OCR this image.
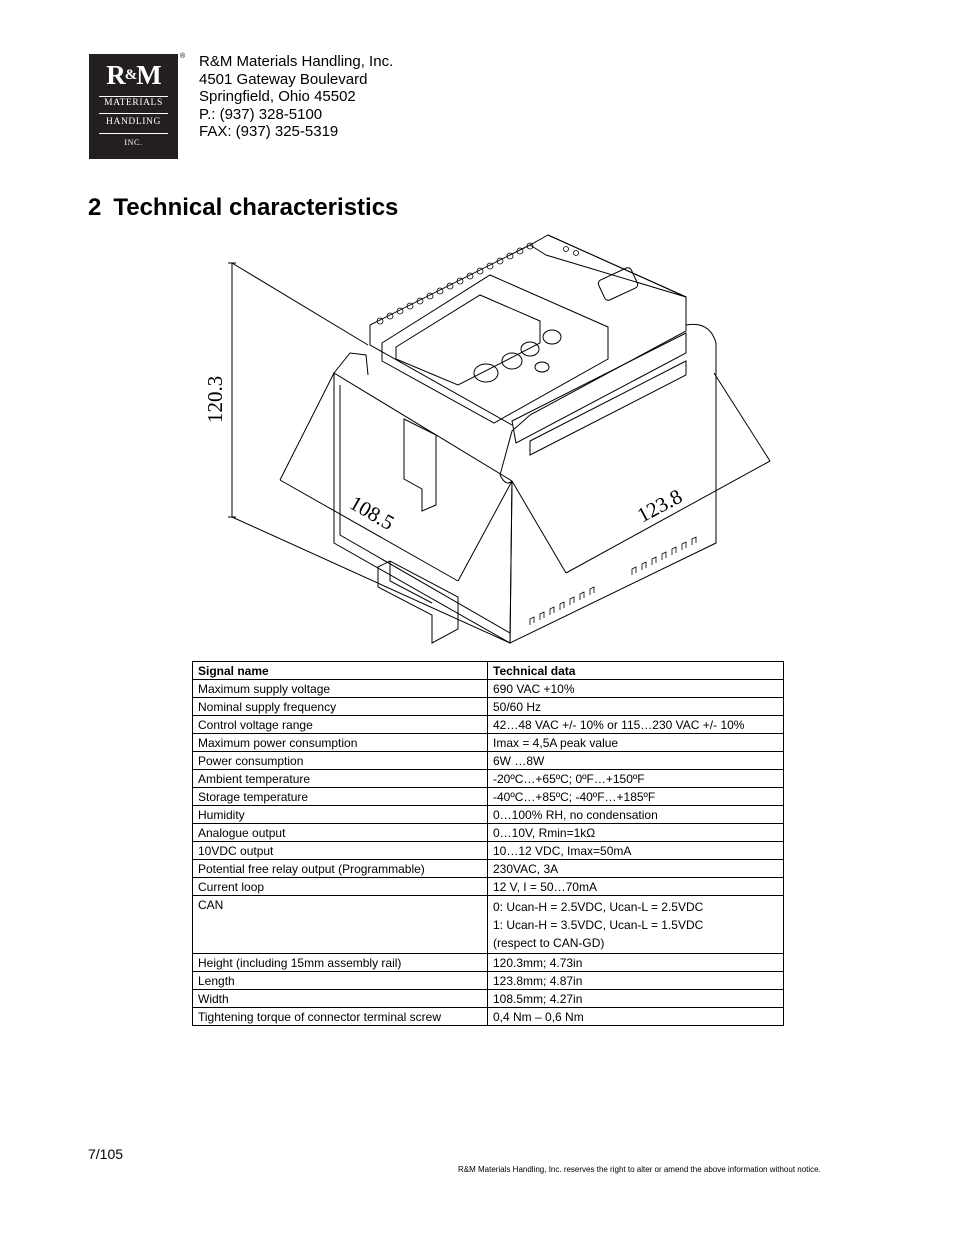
R&M
MATERIALS
HANDLING
INC.
® R&M Materials Handling, Inc.
4501 Gateway Boulevard
Springfield, Ohio 45502
P.: (937) 328-5100
FAX: (937) 325-5319
2 Technical characteristics
120.3
108.5	123.8
Signal name	Technical data
Maximum supply voltage	690 VAC +10%
Nominal supply frequency	50/60 Hz
Control voltage range	42…48 VAC +/- 10% or 115…230 VAC +/- 10%
Maximum power consumption	Imax = 4,5A peak value
Power consumption	6W …8W
Ambient temperature	-20ºC…+65ºC; 0ºF…+150ºF
Storage temperature	-40ºC…+85ºC; -40ºF…+185ºF
Humidity	0…100% RH, no condensation
Analogue output	0…10V, Rmin=1kΩ
10VDC output	10…12 VDC, Imax=50mA
Potential free relay output (Programmable)	230VAC, 3A
Current loop	12 V, I = 50…70mA
CAN	0: Ucan-H = 2.5VDC, Ucan-L = 2.5VDC
1: Ucan-H = 3.5VDC, Ucan-L = 1.5VDC
(respect to CAN-GD)

Height (including 15mm assembly rail)	120.3mm; 4.73in
Length	123.8mm; 4.87in
Width	108.5mm; 4.27in
Tightening torque of connector terminal screw	0,4 Nm – 0,6 Nm
7/105
R&M Materials Handling, Inc. reserves the right to alter or amend the above information without notice.
